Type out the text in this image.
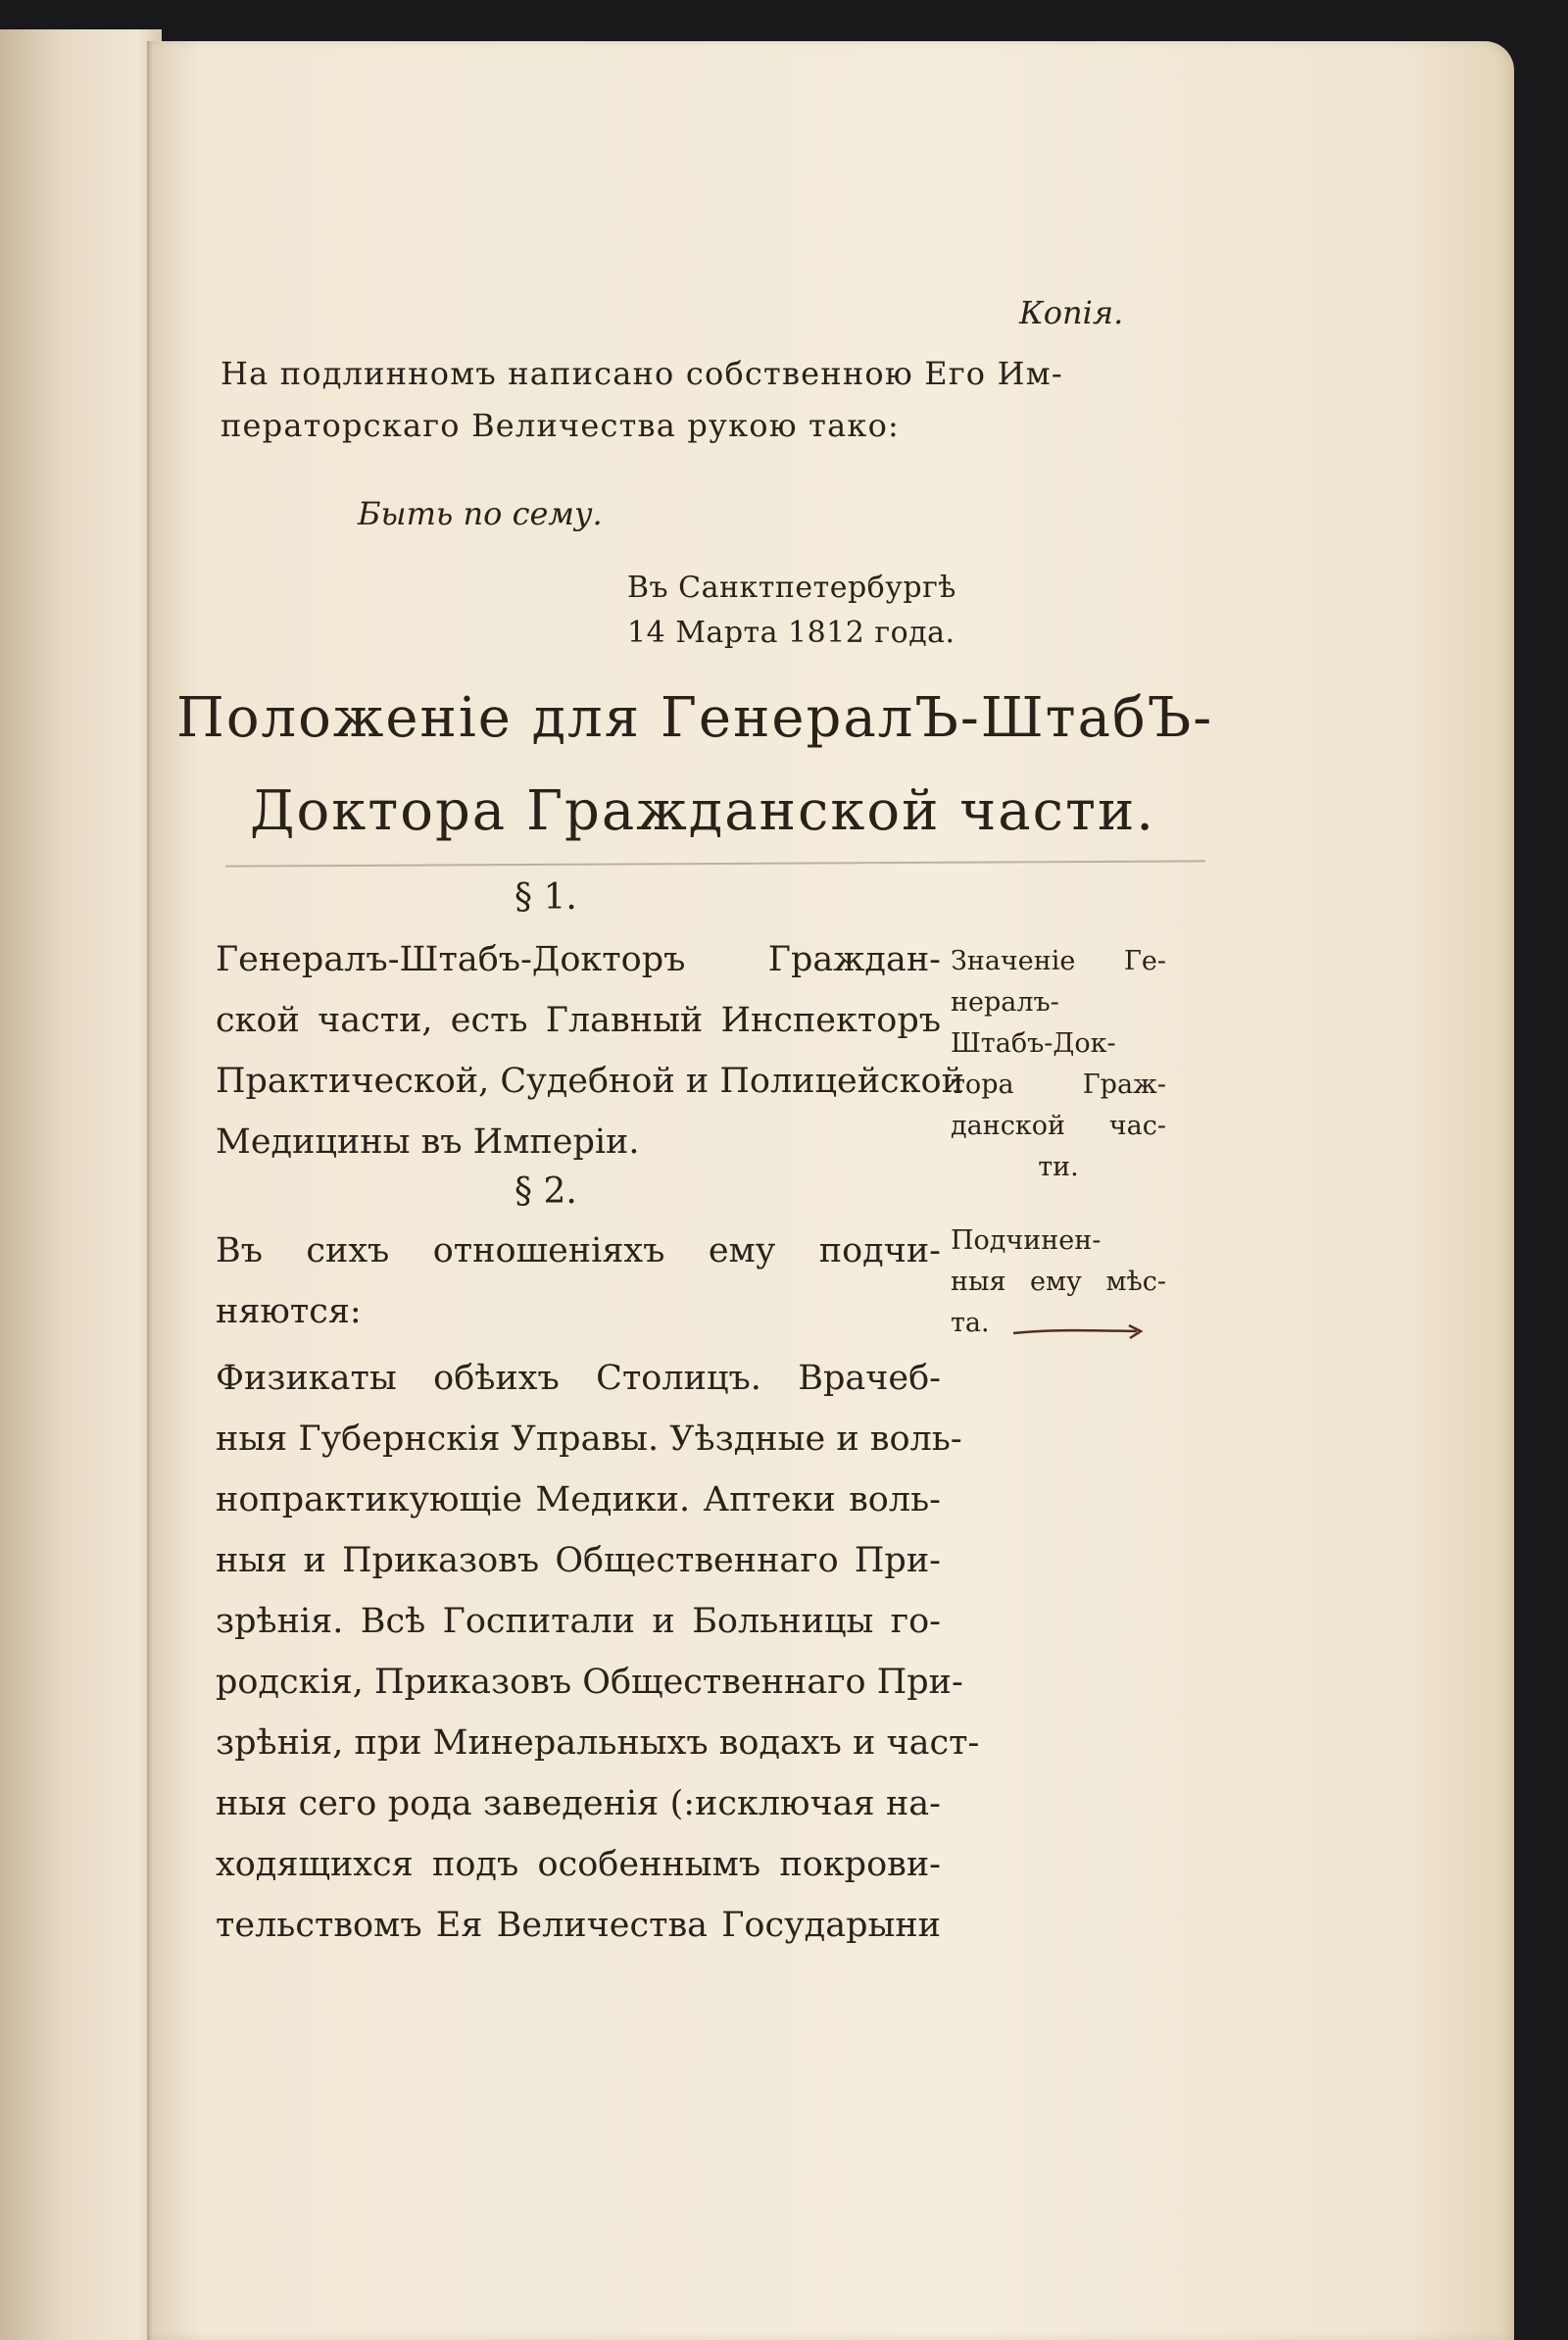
Копія.
На подлинномъ написано собственною Его Им-
ператорскаго Величества рукою тако:
Быть по сему.
Въ Санктпетербургѣ
14 Марта 1812 года.
Положеніе для ГенералЪ-ШтабЪ-
Доктора Гражданской части.
§ 1.
Генералъ-Штабъ-Докторъ Граждан-
ской части, есть Главный Инспекторъ
Практической, Судебной и Полицейской
Медицины въ Имперіи.
Значеніе Ге-
нералъ-
Штабъ-Док-
тора Граж-
данской час-
ти.
§ 2.
Въ сихъ отношеніяхъ ему подчи-
няются:
Физикаты обѣихъ Столицъ. Врачеб-
ныя Губернскія Управы. Уѣздные и воль-
нопрактикующіе Медики. Аптеки воль-
ныя и Приказовъ Общественнаго При-
зрѣнія. Всѣ Госпитали и Больницы го-
родскія, Приказовъ Общественнаго При-
зрѣнія, при Минеральныхъ водахъ и част-
ныя сего рода заведенія (:исключая на-
ходящихся подъ особеннымъ покрови-
тельствомъ Ея Величества Государыни
Подчинен-
ныя ему мѣс-
та.
